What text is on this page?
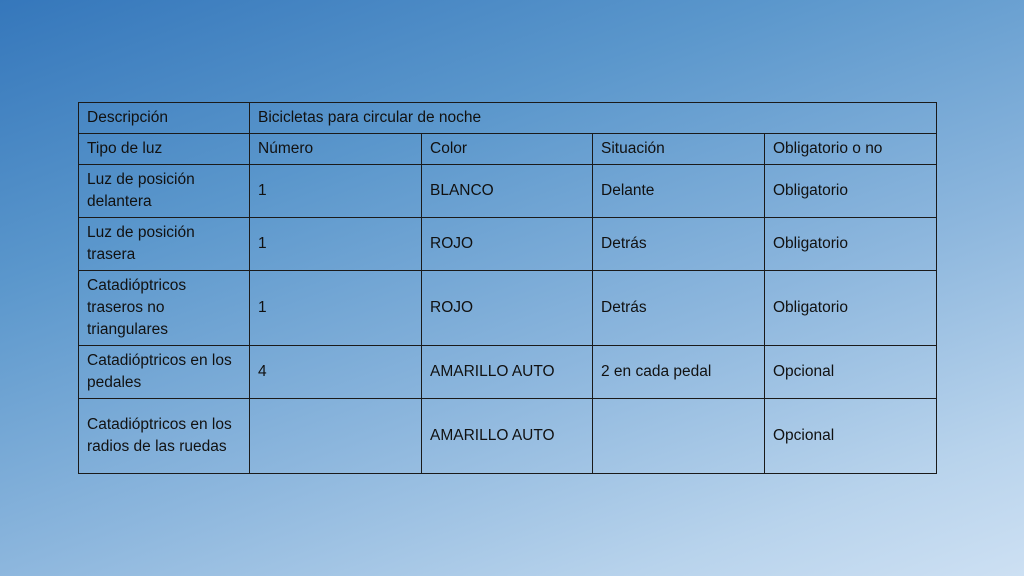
Descripción	Bicicletas para circular de noche			
Tipo de luz	Número	Color	Situación	Obligatorio o no
Luz de posición delantera	1	BLANCO	Delante	Obligatorio
Luz de posición trasera	1	ROJO	Detrás	Obligatorio
Catadióptricos traseros no triangulares	1	ROJO	Detrás	Obligatorio
Catadióptricos en los pedales	4	AMARILLO AUTO	2 en cada pedal	Opcional
Catadióptricos en los radios de las ruedas		AMARILLO AUTO		Opcional
